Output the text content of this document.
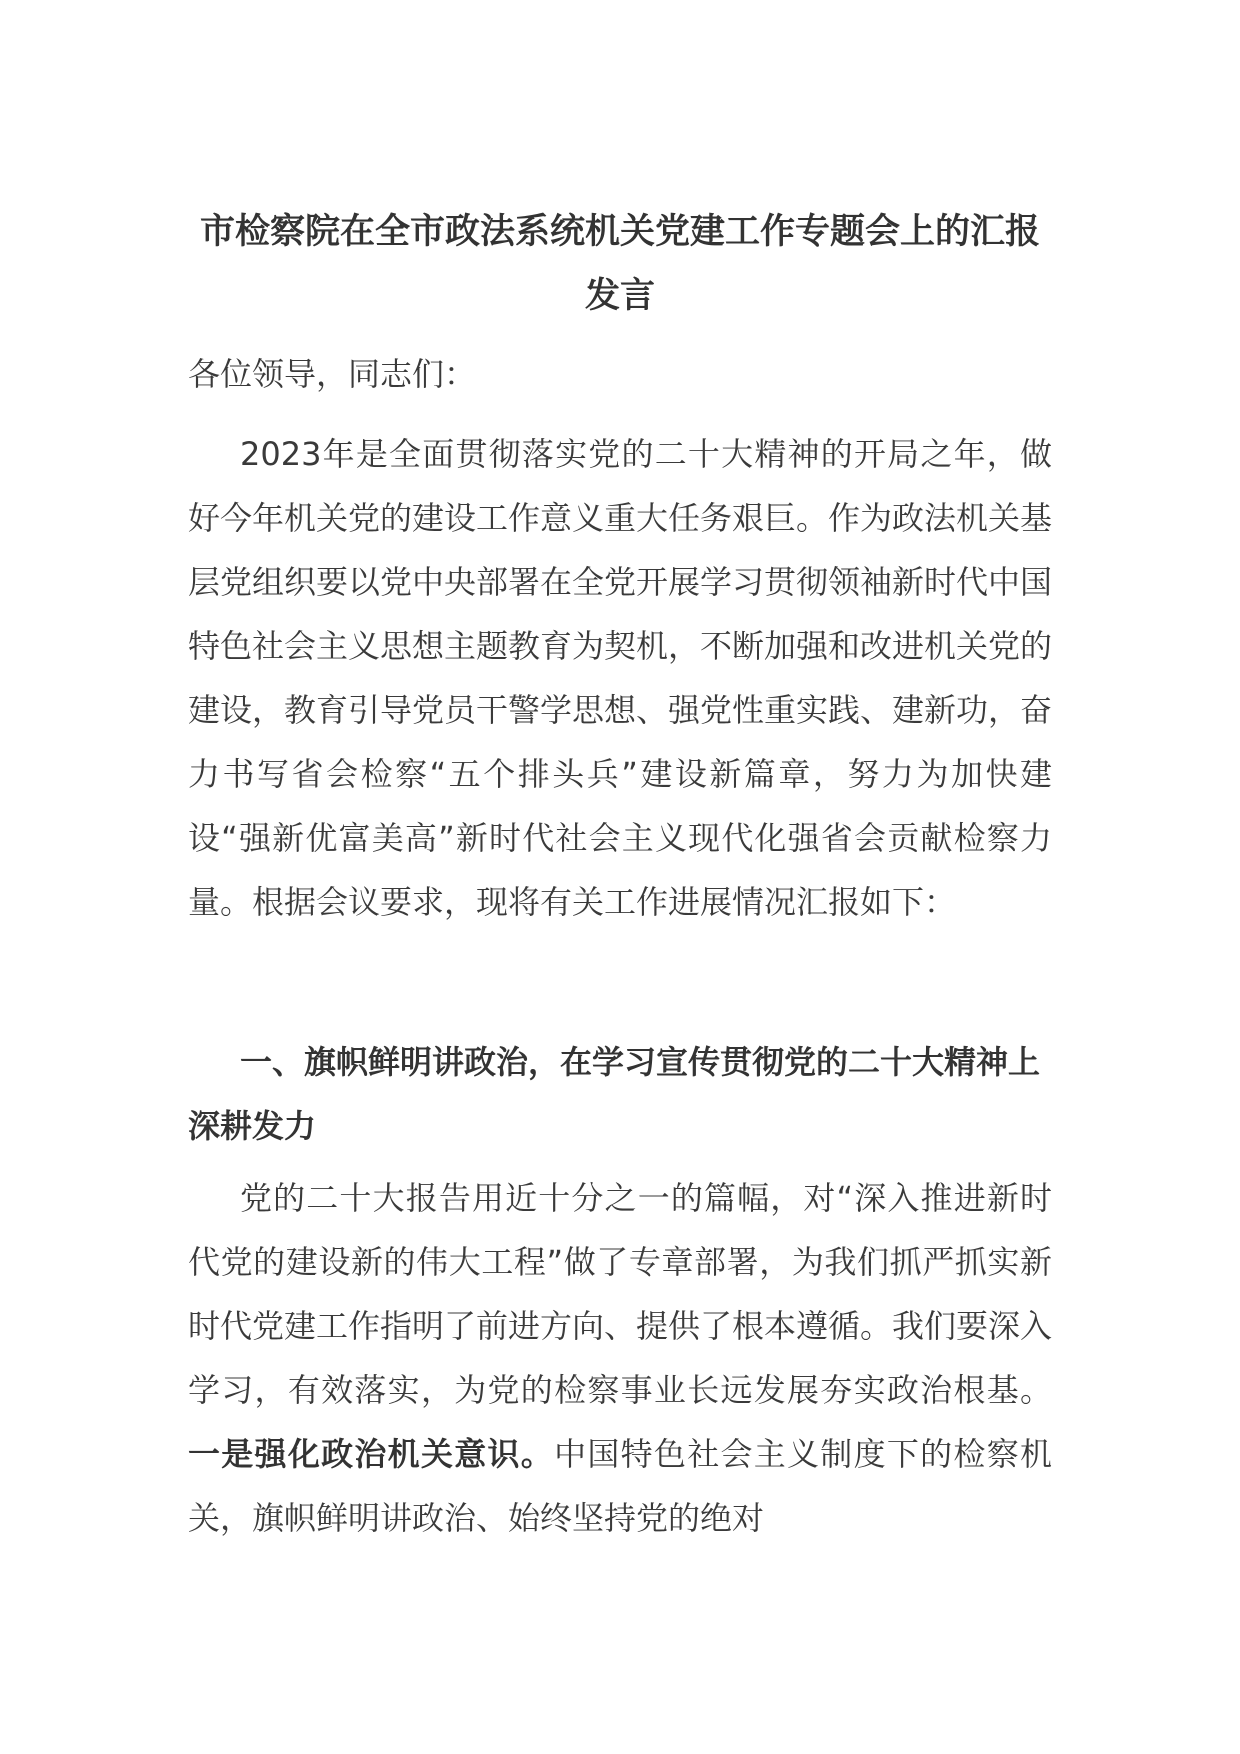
市检察院在全市政法系统机关党建工作专题会上的汇报发言

各位领导，同志们：

2023年是全面贯彻落实党的二十大精神的开局之年，做好今年机关党的建设工作意义重大任务艰巨。作为政法机关基层党组织要以党中央部署在全党开展学习贯彻领袖新时代中国特色社会主义思想主题教育为契机，不断加强和改进机关党的建设，教育引导党员干警学思想、强党性重实践、建新功，奋力书写省会检察“五个排头兵”建设新篇章，努力为加快建设“强新优富美高”新时代社会主义现代化强省会贡献检察力量。根据会议要求，现将有关工作进展情况汇报如下：

一、旗帜鲜明讲政治，在学习宣传贯彻党的二十大精神上深耕发力

党的二十大报告用近十分之一的篇幅，对“深入推进新时代党的建设新的伟大工程”做了专章部署，为我们抓严抓实新时代党建工作指明了前进方向、提供了根本遵循。我们要深入学习，有效落实，为党的检察事业长远发展夯实政治根基。一是强化政治机关意识。中国特色社会主义制度下的检察机关，旗帜鲜明讲政治、始终坚持党的绝对
